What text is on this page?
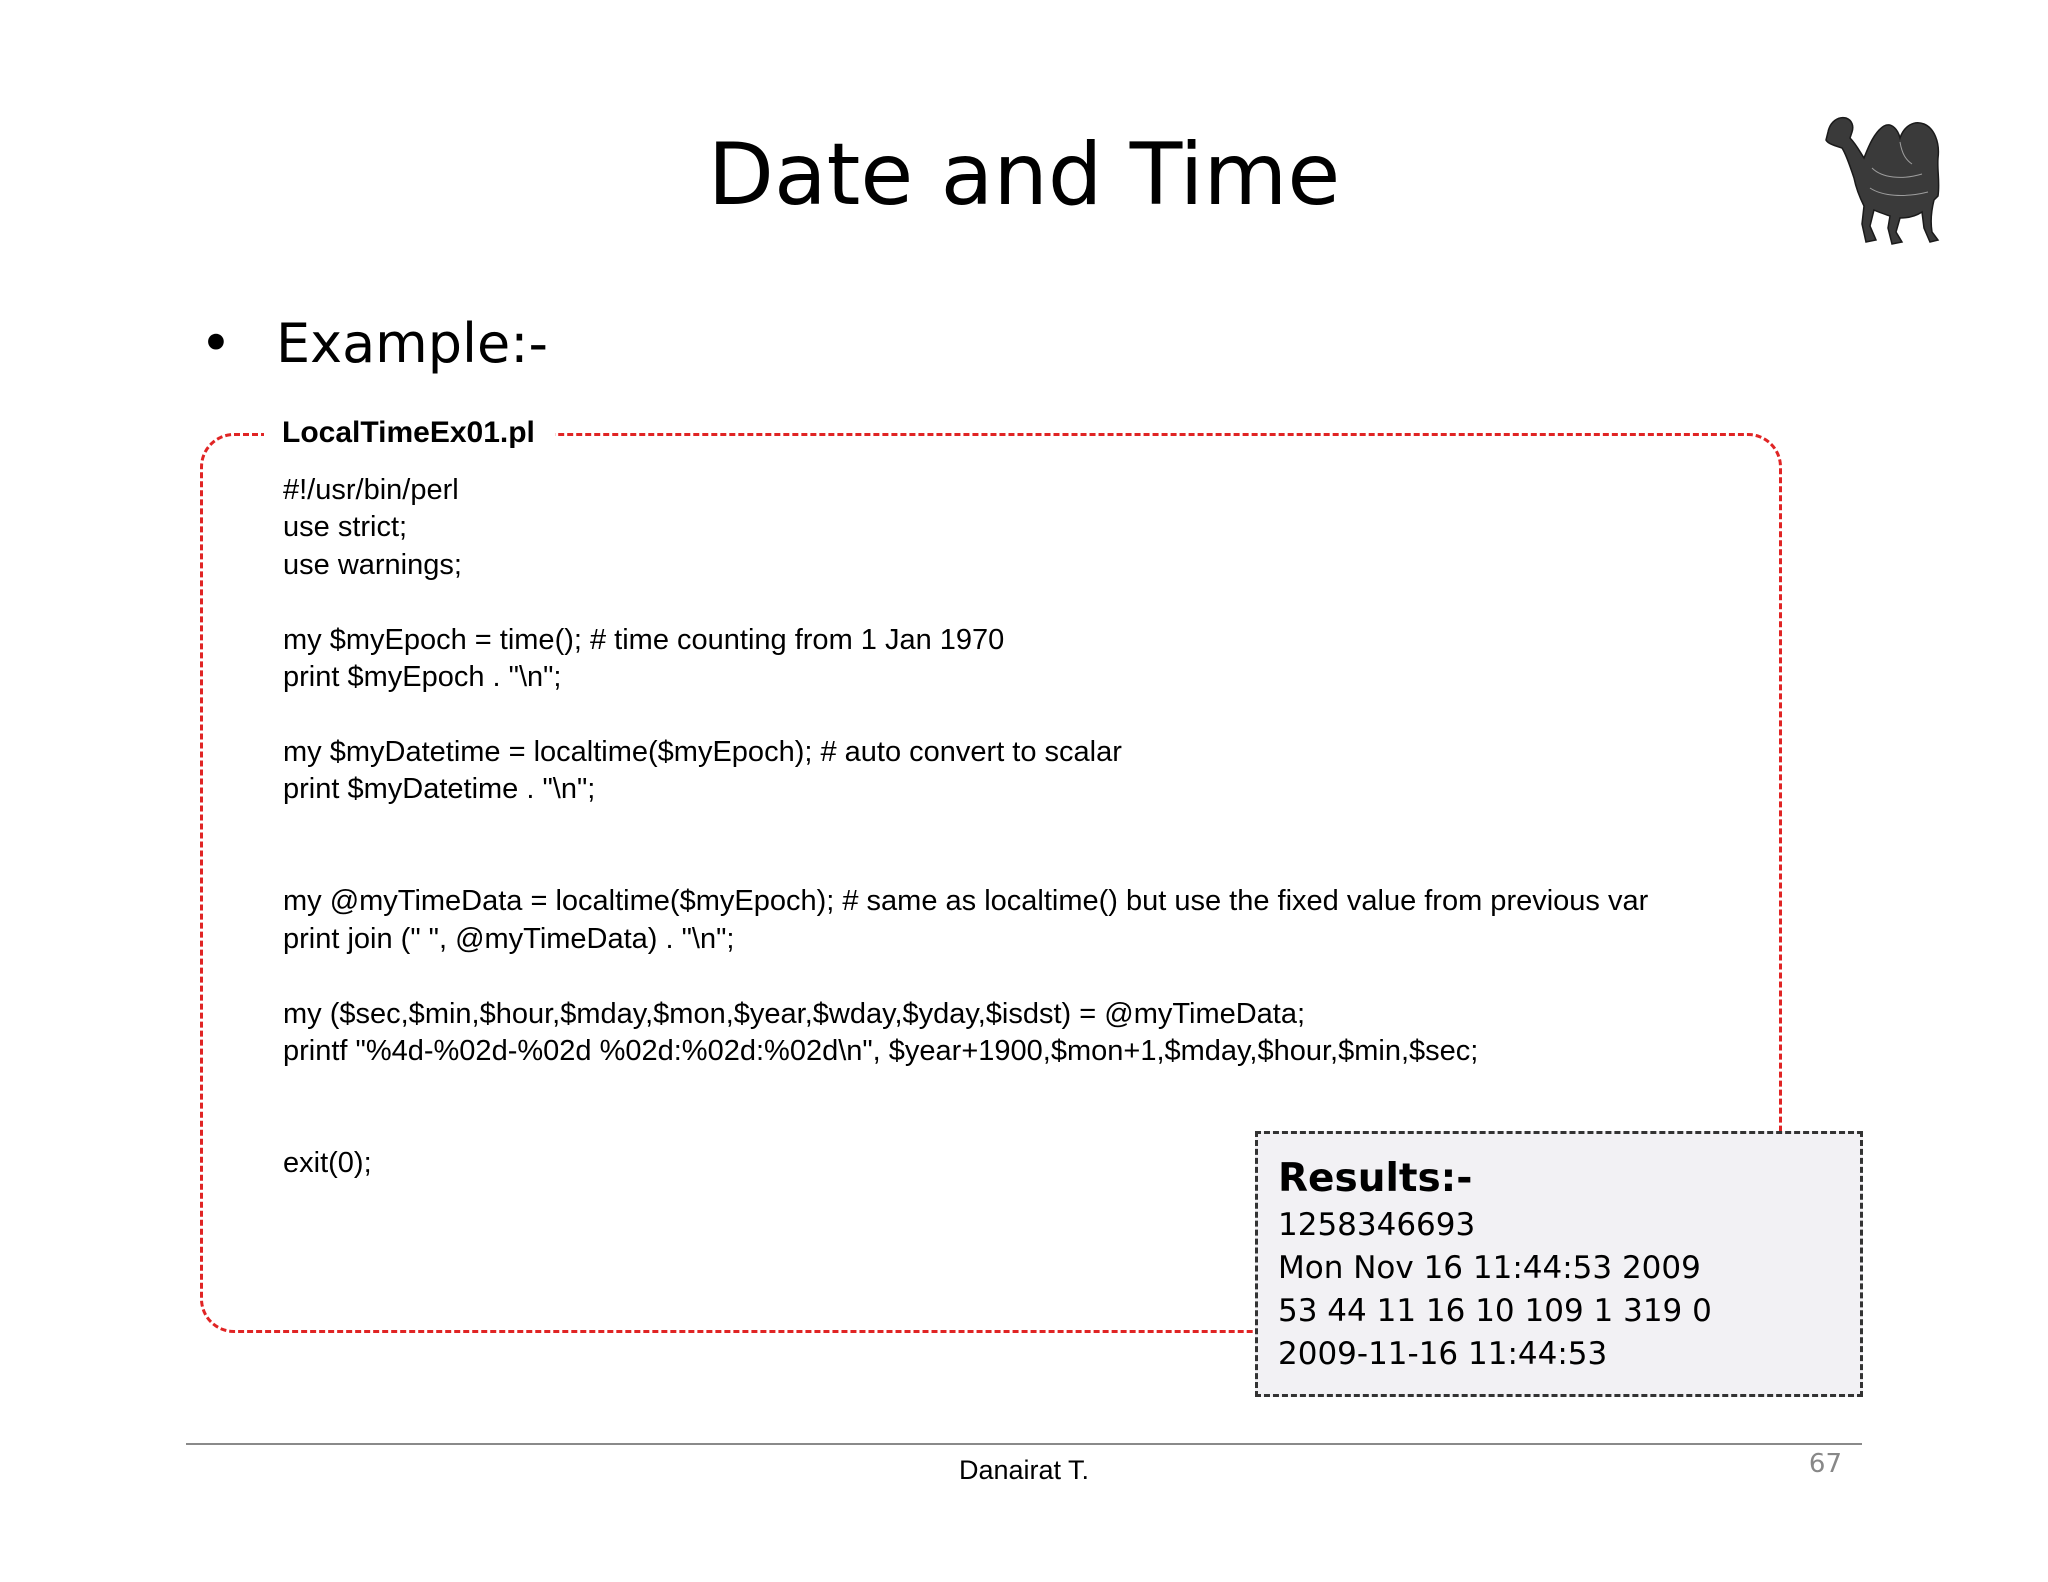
Date and Time
• Example:-
LocalTimeEx01.pl
#!/usr/bin/perl
use strict;
use warnings;

my $myEpoch = time(); # time counting from 1 Jan 1970
print $myEpoch . "\n";

my $myDatetime = localtime($myEpoch); # auto convert to scalar
print $myDatetime . "\n";

my @myTimeData = localtime($myEpoch); # same as localtime() but use the fixed value from previous var
print join (" ", @myTimeData) . "\n";

my ($sec,$min,$hour,$mday,$mon,$year,$wday,$yday,$isdst) = @myTimeData;
printf "%4d-%02d-%02d %02d:%02d:%02d\n", $year+1900,$mon+1,$mday,$hour,$min,$sec;

exit(0);	Results:-
1258346693
Mon Nov 16 11:44:53 2009
53 44 11 16 10 109 1 319 0
2009-11-16 11:44:53
Danairat T.	67
